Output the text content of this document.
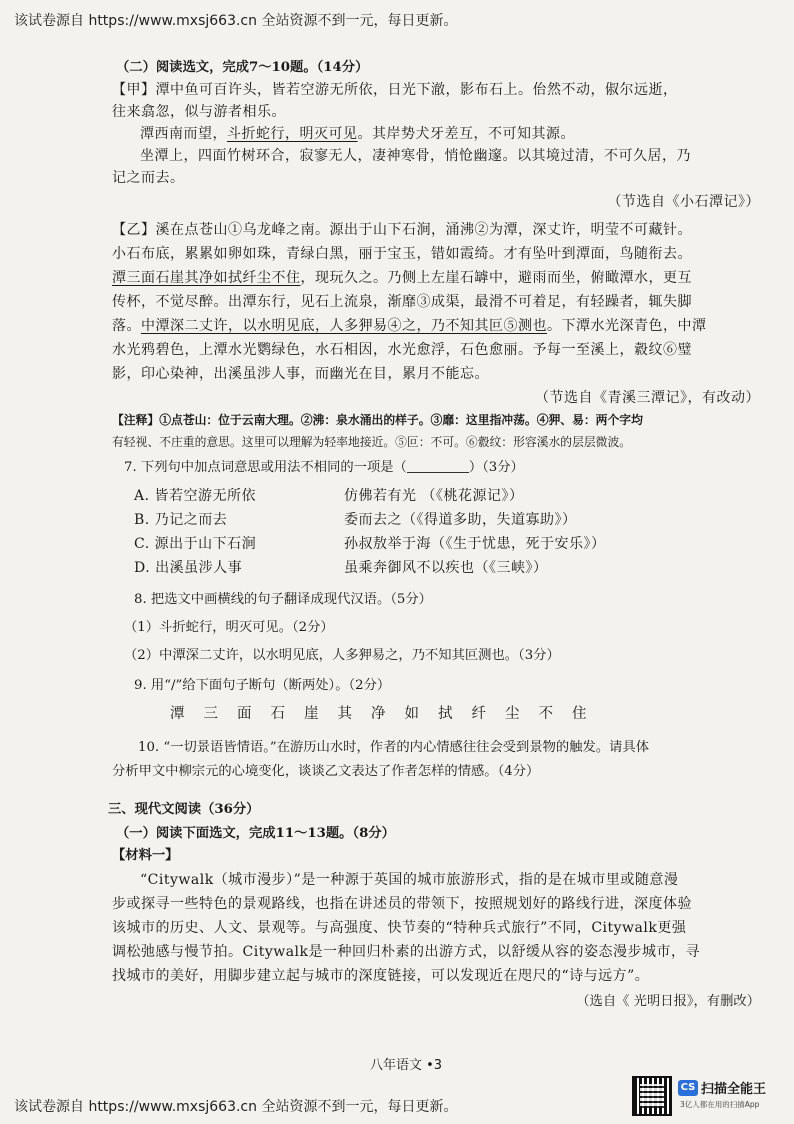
该试卷源自 https://www.mxsj663.cn 全站资源不到一元，每日更新。
（二）阅读选文，完成7～10题。（14分）
【甲】潭中鱼可百许头，皆若空游无所依，日光下澈，影布石上。佁然不动，俶尔远逝，
往来翕忽，似与游者相乐。
潭西南而望，斗折蛇行，明灭可见。其岸势犬牙差互，不可知其源。
坐潭上，四面竹树环合，寂寥无人，凄神寒骨，悄怆幽邃。以其境过清，不可久居，乃
记之而去。
（节选自《小石潭记》）
【乙】溪在点苍山①乌龙峰之南。源出于山下石涧，涌沸②为潭，深丈许，明莹不可藏针。
小石布底，累累如卵如珠，青绿白黑，丽于宝玉，错如霞绮。才有坠叶到潭面，鸟随衔去。
潭三面石崖其净如拭纤尘不住，现玩久之。乃侧上左崖石罅中，避雨而坐，俯瞰潭水，更互
传杯，不觉尽醉。出潭东行，见石上流泉，渐靡③成渠，最滑不可着足，有轻躁者，辄失脚
落。中潭深二丈许，以水明见底，人多狎易④之，乃不知其叵⑤测也。下潭水光深青色，中潭
水光鸦碧色，上潭水光鹦绿色，水石相因，水光愈浮，石色愈丽。予每一至溪上，縠纹⑥璧
影，印心染神，出溪虽涉人事，而幽光在目，累月不能忘。
（节选自《青溪三潭记》，有改动）
【注释】①点苍山：位于云南大理。②沸：泉水涌出的样子。③靡：这里指冲荡。④狎、易：两个字均
有轻视、不庄重的意思。这里可以理解为轻率地接近。⑤叵：不可。⑥縠纹：形容溪水的层层微波。
7. 下列句中加点词意思或用法不相同的一项是（	）（3分）
A. 皆若空游无所依	仿佛若有光 （《桃花源记》）
B. 乃记之而去	委而去之（《得道多助，失道寡助》）
C. 源出于山下石涧	孙叔敖举于海（《生于忧患，死于安乐》）
D. 出溪虽涉人事	虽乘奔御风不以疾也（《三峡》）
8. 把选文中画横线的句子翻译成现代汉语。（5分）
（1）斗折蛇行，明灭可见。（2分）
（2）中潭深二丈许，以水明见底，人多狎易之，乃不知其叵测也。（3分）
9. 用“/”给下面句子断句（断两处）。（2分）
潭 三 面 石 崖 其 净 如 拭 纤 尘 不 住
10. “一切景语皆情语。”在游历山水时，作者的内心情感往往会受到景物的触发。请具体
分析甲文中柳宗元的心境变化，谈谈乙文表达了作者怎样的情感。（4分）
三、现代文阅读（36分）
（一）阅读下面选文，完成11～13题。（8分）
【材料一】
“Citywalk（城市漫步）”是一种源于英国的城市旅游形式，指的是在城市里或随意漫
步或探寻一些特色的景观路线，也指在讲述员的带领下，按照规划好的路线行进，深度体验
该城市的历史、人文、景观等。与高强度、快节奏的“特种兵式旅行”不同，Citywalk更强
调松弛感与慢节拍。Citywalk是一种回归朴素的出游方式，以舒缓从容的姿态漫步城市，寻
找城市的美好，用脚步建立起与城市的深度链接，可以发现近在咫尺的“诗与远方”。
（选自《 光明日报》，有删改）
八年语文 •3
该试卷源自 https://www.mxsj663.cn 全站资源不到一元，每日更新。
CS 扫描全能王
3亿人都在用的扫描App
